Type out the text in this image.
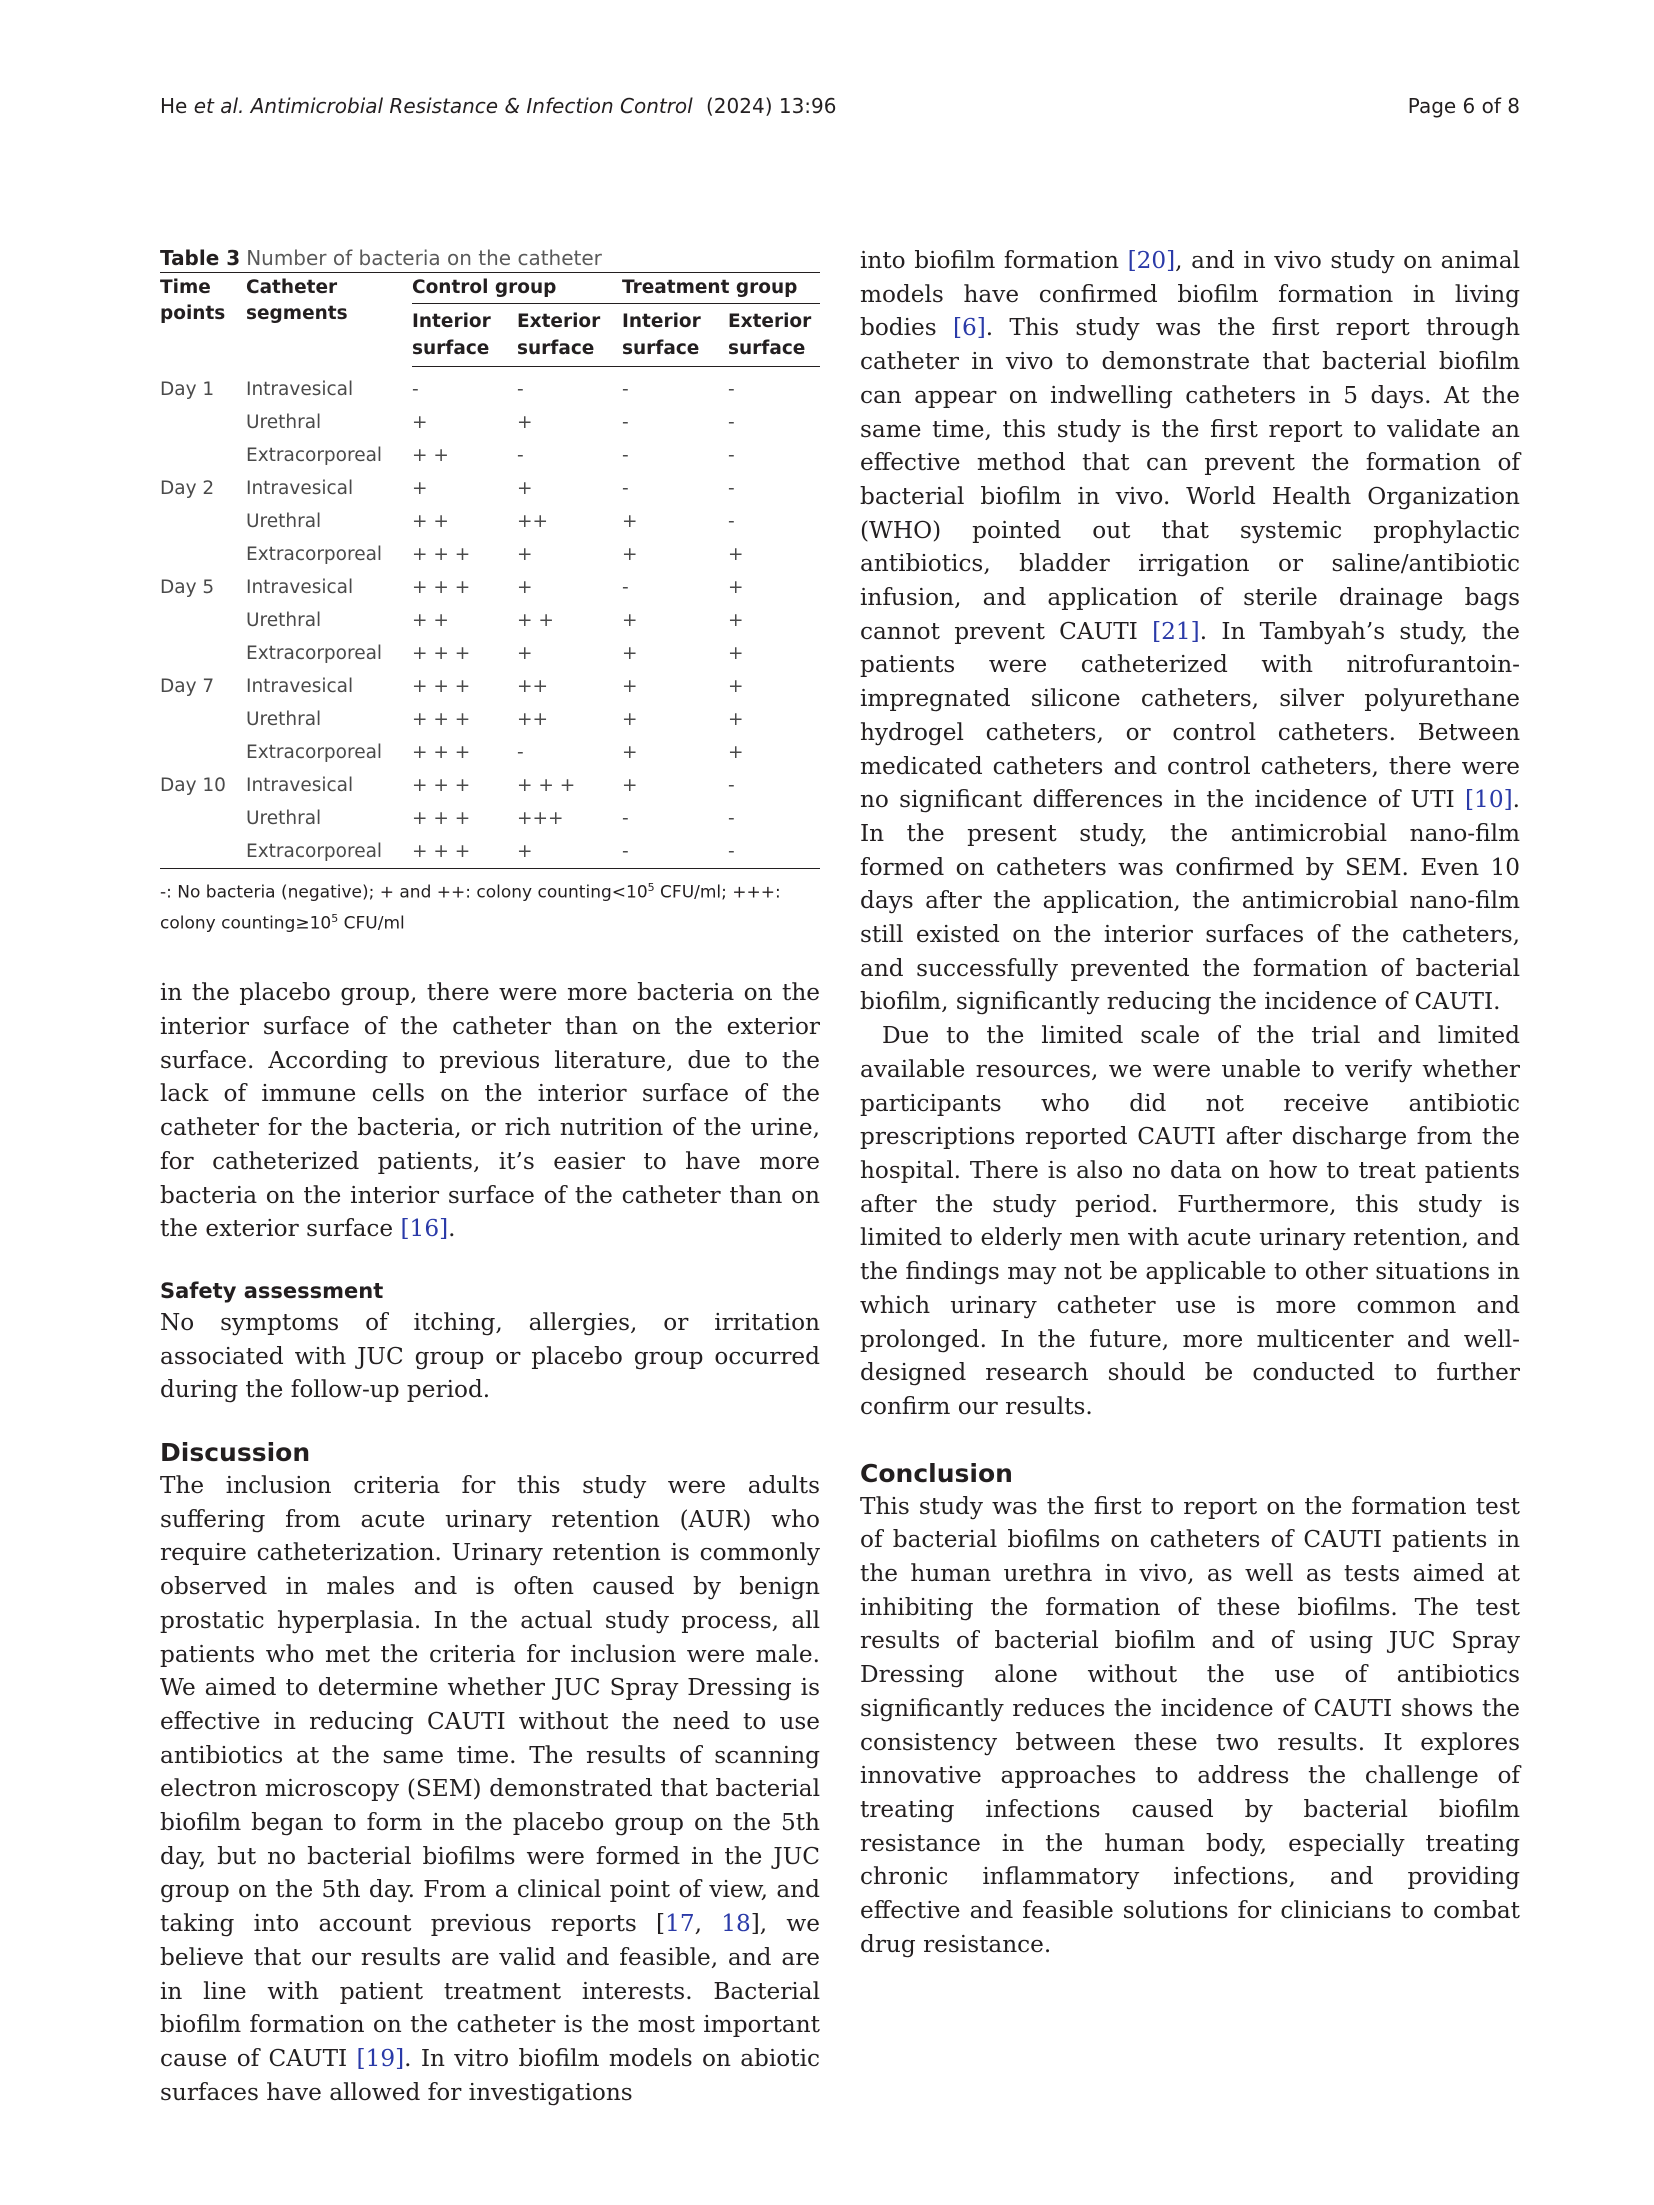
He et al. Antimicrobial Resistance & Infection Control (2024) 13:96	Page 6 of 8
Table 3 Number of bacteria on the catheter
Time points	Catheter segments	Control group		Treatment group	
		Interior surface	Exterior surface	Interior surface	Exterior surface
Day 1	Intravesical	-	-	-	-
	Urethral	+	+	-	-
	Extracorporeal	+ +	-	-	-
Day 2	Intravesical	+	+	-	-
	Urethral	+ +	++	+	-
	Extracorporeal	+ + +	+	+	+
Day 5	Intravesical	+ + +	+	-	+
	Urethral	+ +	+ +	+	+
	Extracorporeal	+ + +	+	+	+
Day 7	Intravesical	+ + +	++	+	+
	Urethral	+ + +	++	+	+
	Extracorporeal	+ + +	-	+	+
Day 10	Intravesical	+ + +	+ + +	+	-
	Urethral	+ + +	+++	-	-
	Extracorporeal	+ + +	+	-	-
-: No bacteria (negative); + and ++: colony $counting<10^5$ CFU/ml; +++: colony $counting\ge 10^5$ CFU/ml

in the placebo group, there were more bacteria on the interior surface of the catheter than on the exterior surface. According to previous literature, due to the lack of immune cells on the interior surface of the catheter for the bacteria, or rich nutrition of the urine, for catheterized patients, it’s easier to have more bacteria on the interior surface of the catheter than on the exterior surface [16].

Safety assessment

No symptoms of itching, allergies, or irritation associated with JUC group or placebo group occurred during the follow-up period.

Discussion

The inclusion criteria for this study were adults suffering from acute urinary retention (AUR) who require catheterization. Urinary retention is commonly observed in males and is often caused by benign prostatic hyperplasia. In the actual study process, all patients who met the criteria for inclusion were male. We aimed to determine whether JUC Spray Dressing is effective in reducing CAUTI without the need to use antibiotics at the same time. The results of scanning electron microscopy (SEM) demonstrated that bacterial biofilm began to form in the placebo group on the 5th day, but no bacterial biofilms were formed in the JUC group on the 5th day. From a clinical point of view, and taking into account previous reports [17, 18], we believe that our results are valid and feasible, and are in line with patient treatment interests. Bacterial biofilm formation on the catheter is the most important cause of CAUTI [19]. In vitro biofilm models on abiotic surfaces have allowed for investigations

into biofilm formation [20], and in vivo study on animal models have confirmed biofilm formation in living bodies [6]. This study was the first report through catheter in vivo to demonstrate that bacterial biofilm can appear on indwelling catheters in 5 days. At the same time, this study is the first report to validate an effective method that can prevent the formation of bacterial biofilm in vivo. World Health Organization (WHO) pointed out that systemic prophylactic antibiotics, bladder irrigation or saline/antibiotic infusion, and application of sterile drainage bags cannot prevent CAUTI [21]. In Tambyah’s study, the patients were catheterized with nitrofurantoin-impregnated silicone catheters, silver polyurethane hydrogel catheters, or control catheters. Between medicated catheters and control catheters, there were no significant differences in the incidence of UTI [10]. In the present study, the antimicrobial nano-film formed on catheters was confirmed by SEM. Even 10 days after the application, the antimicrobial nano-film still existed on the interior surfaces of the catheters, and successfully prevented the formation of bacterial biofilm, significantly reducing the incidence of CAUTI.

Due to the limited scale of the trial and limited available resources, we were unable to verify whether participants who did not receive antibiotic prescriptions reported CAUTI after discharge from the hospital. There is also no data on how to treat patients after the study period. Furthermore, this study is limited to elderly men with acute urinary retention, and the findings may not be applicable to other situations in which urinary catheter use is more common and prolonged. In the future, more multicenter and well-designed research should be conducted to further confirm our results.

Conclusion

This study was the first to report on the formation test of bacterial biofilms on catheters of CAUTI patients in the human urethra in vivo, as well as tests aimed at inhibiting the formation of these biofilms. The test results of bacterial biofilm and of using JUC Spray Dressing alone without the use of antibiotics significantly reduces the incidence of CAUTI shows the consistency between these two results. It explores innovative approaches to address the challenge of treating infections caused by bacterial biofilm resistance in the human body, especially treating chronic inflammatory infections, and providing effective and feasible solutions for clinicians to combat drug resistance.
